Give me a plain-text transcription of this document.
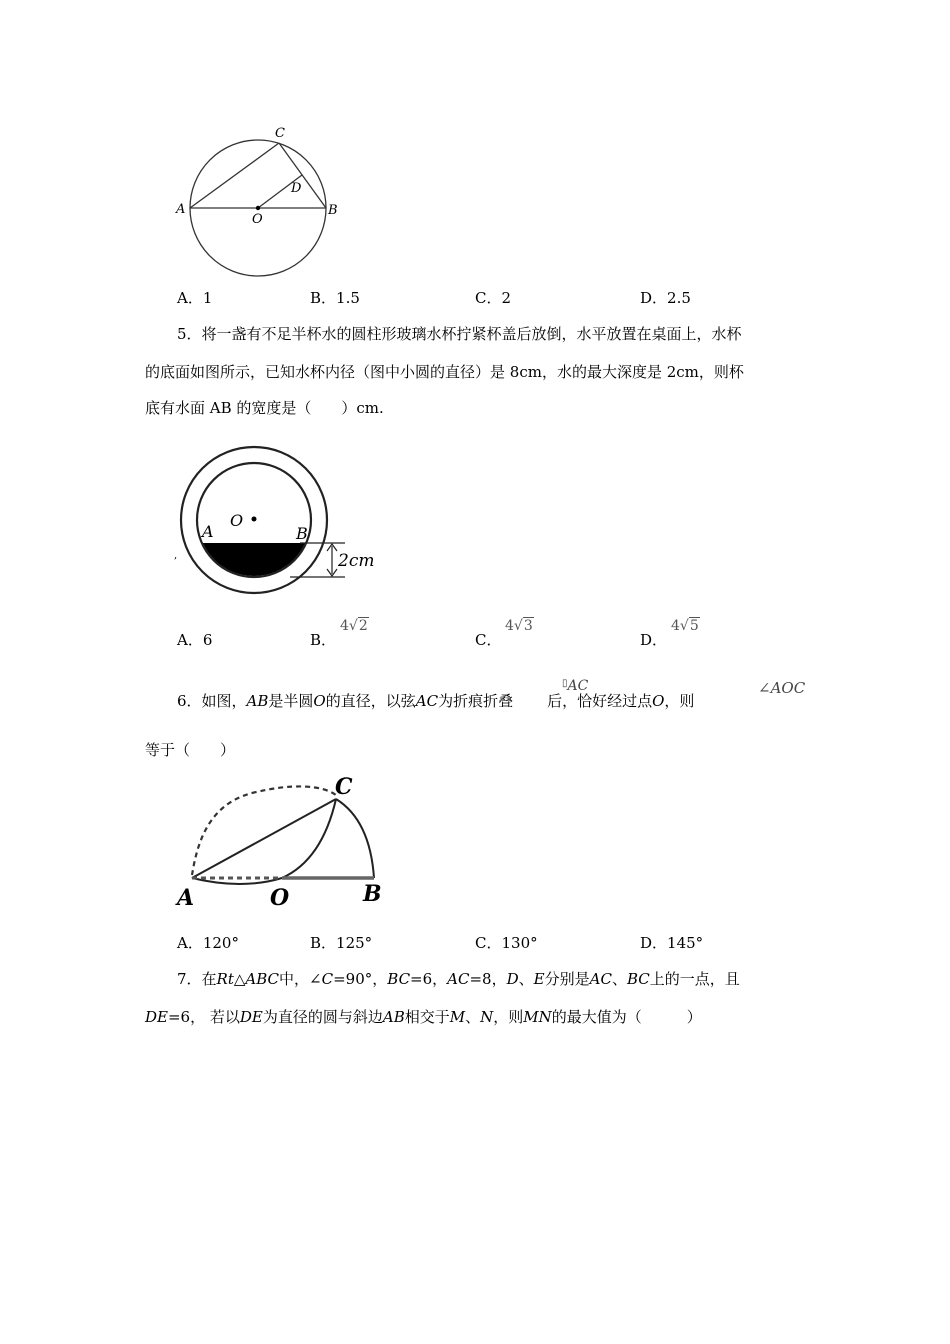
C
A	B
D
O
A．1	B．1.5	C．2	D．2.5
5．将一盏有不足半杯水的圆柱形玻璃水杯拧紧杯盖后放倒，水平放置在桌面上，水杯
的底面如图所示，已知水杯内径（图中小圆的直径）是 8cm，水的最大深度是 2cm，则杯
底有水面 AB 的宽度是（　　）cm.
A
O
B
2cm
,
A．6	B．
4√2
C．
4√3
D．
4√5
6．如图，AB是半圆O的直径，以弦AC为折痕折叠 后，恰好经过点O，则
▯AC	∠AOC
等于（　　）
C
A	O	B
A．120°	B．125°	C．130°	D．145°
7．在Rt△ABC中，∠C=90°，BC=6，AC=8，D、E分别是AC、BC上的一点，且
DE=6， 若以DE为直径的圆与斜边AB相交于M、N，则MN的最大值为（　　　）
